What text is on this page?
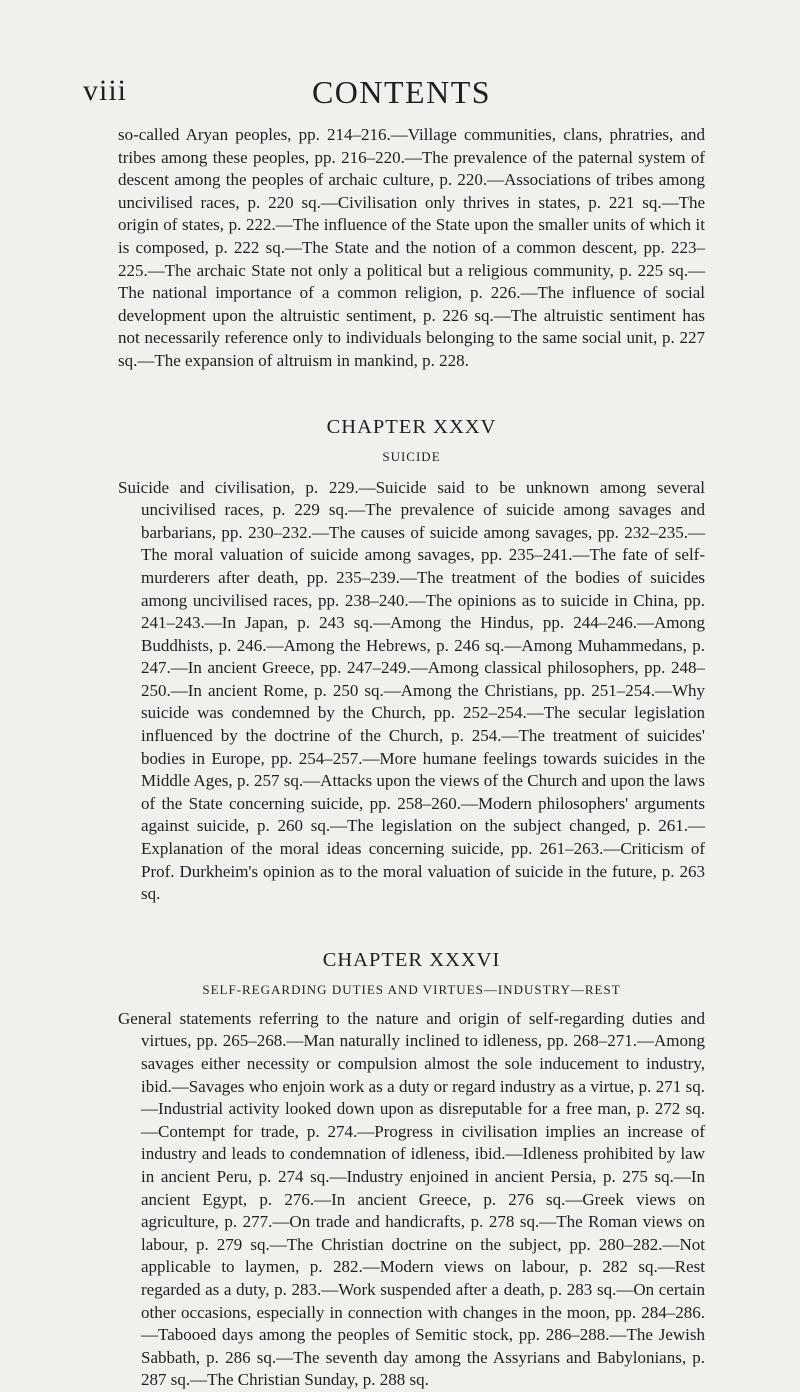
viii	CONTENTS

so-called Aryan peoples, pp. 214–216.—Village communities, clans, phratries, and tribes among these peoples, pp. 216–220.—The prevalence of the paternal system of descent among the peoples of archaic culture, p. 220.—Associations of tribes among uncivilised races, p. 220 sq.—Civilisation only thrives in states, p. 221 sq.—The origin of states, p. 222.—The influence of the State upon the smaller units of which it is composed, p. 222 sq.—The State and the notion of a common descent, pp. 223–225.—The archaic State not only a political but a religious community, p. 225 sq.—The national importance of a common religion, p. 226.—The influence of social development upon the altruistic sentiment, p. 226 sq.—The altruistic sentiment has not necessarily reference only to individuals belonging to the same social unit, p. 227 sq.—The expansion of altruism in mankind, p. 228.

CHAPTER XXXV
SUICIDE

Suicide and civilisation, p. 229.—Suicide said to be unknown among several uncivilised races, p. 229 sq.—The prevalence of suicide among savages and barbarians, pp. 230–232.—The causes of suicide among savages, pp. 232–235.—The moral valuation of suicide among savages, pp. 235–241.—The fate of self-murderers after death, pp. 235–239.—The treatment of the bodies of suicides among uncivilised races, pp. 238–240.—The opinions as to suicide in China, pp. 241–243.—In Japan, p. 243 sq.—Among the Hindus, pp. 244–246.—Among Buddhists, p. 246.—Among the Hebrews, p. 246 sq.—Among Muhammedans, p. 247.—In ancient Greece, pp. 247–249.—Among classical philosophers, pp. 248–250.—In ancient Rome, p. 250 sq.—Among the Christians, pp. 251–254.—Why suicide was condemned by the Church, pp. 252–254.—The secular legislation influenced by the doctrine of the Church, p. 254.—The treatment of suicides' bodies in Europe, pp. 254–257.—More humane feelings towards suicides in the Middle Ages, p. 257 sq.—Attacks upon the views of the Church and upon the laws of the State concerning suicide, pp. 258–260.—Modern philosophers' arguments against suicide, p. 260 sq.—The legislation on the subject changed, p. 261.—Explanation of the moral ideas concerning suicide, pp. 261–263.—Criticism of Prof. Durkheim's opinion as to the moral valuation of suicide in the future, p. 263 sq.

CHAPTER XXXVI
SELF-REGARDING DUTIES AND VIRTUES—INDUSTRY—REST

General statements referring to the nature and origin of self-regarding duties and virtues, pp. 265–268.—Man naturally inclined to idleness, pp. 268–271.—Among savages either necessity or compulsion almost the sole inducement to industry, ibid.—Savages who enjoin work as a duty or regard industry as a virtue, p. 271 sq.—Industrial activity looked down upon as disreputable for a free man, p. 272 sq.—Contempt for trade, p. 274.—Progress in civilisation implies an increase of industry and leads to condemnation of idleness, ibid.—Idleness prohibited by law in ancient Peru, p. 274 sq.—Industry enjoined in ancient Persia, p. 275 sq.—In ancient Egypt, p. 276.—In ancient Greece, p. 276 sq.—Greek views on agriculture, p. 277.—On trade and handicrafts, p. 278 sq.—The Roman views on labour, p. 279 sq.—The Christian doctrine on the subject, pp. 280–282.—Not applicable to laymen, p. 282.—Modern views on labour, p. 282 sq.—Rest regarded as a duty, p. 283.—Work suspended after a death, p. 283 sq.—On certain other occasions, especially in connection with changes in the moon, pp. 284–286.—Tabooed days among the peoples of Semitic stock, pp. 286–288.—The Jewish Sabbath, p. 286 sq.—The seventh day among the Assyrians and Babylonians, p. 287 sq.—The Christian Sunday, p. 288 sq.
